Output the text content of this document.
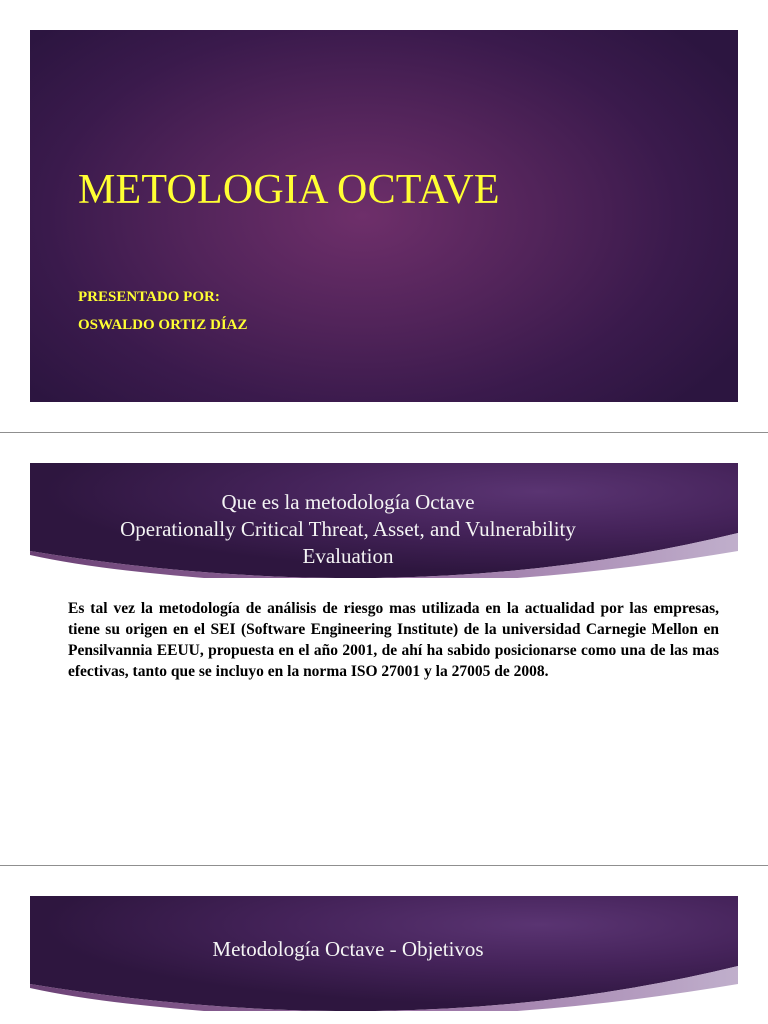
METOLOGIA OCTAVE
PRESENTADO POR:
OSWALDO ORTIZ DÍAZ
Que es la metodología Octave
Operationally Critical Threat, Asset, and Vulnerability
Evaluation
Es tal vez la metodología de análisis de riesgo mas utilizada en la actualidad por las empresas, tiene su origen en el SEI (Software Engineering Institute) de la universidad Carnegie Mellon en Pensilvannia EEUU, propuesta en el año 2001, de ahí ha sabido posicionarse como una de las mas efectivas, tanto que se incluyo en la norma ISO 27001 y la 27005 de 2008.
Metodología Octave - Objetivos
